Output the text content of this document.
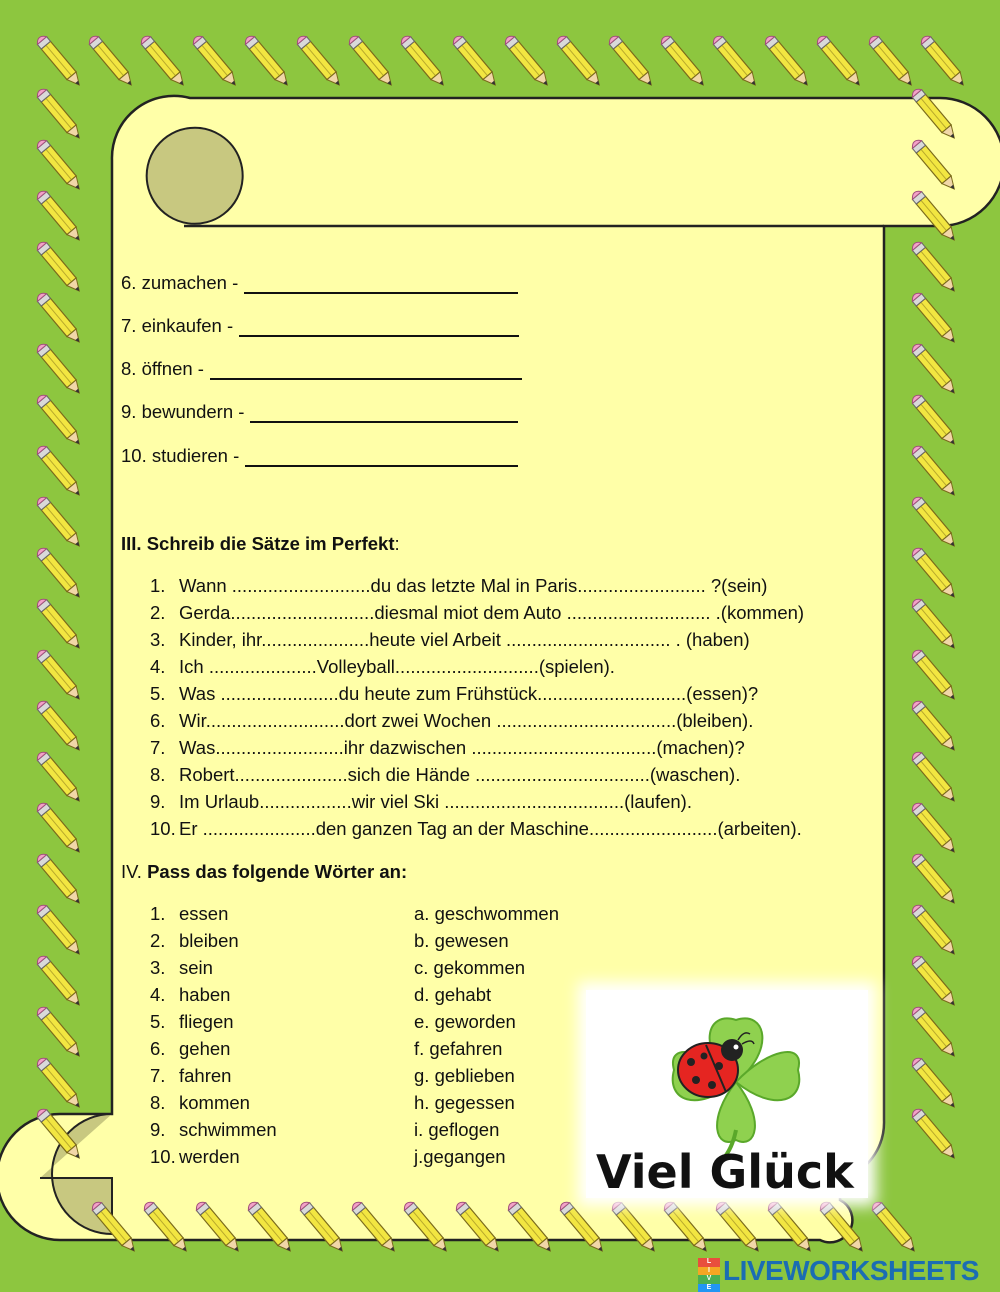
6. zumachen -
7. einkaufen -
8. öffnen -
9. bewundern -
10. studieren -
III. Schreib die Sätze im Perfekt:
1. Wann ...........................du das letzte Mal in Paris......................... ?(sein)
2. Gerda............................diesmal miot dem Auto ............................ .(kommen)
3. Kinder, ihr.....................heute viel Arbeit ................................ . (haben)
4. Ich .....................Volleyball............................(spielen).
5. Was .......................du heute zum Frühstück.............................(essen)?
6. Wir...........................dort zwei Wochen ...................................(bleiben).
7. Was.........................ihr dazwischen ....................................(machen)?
8. Robert......................sich die Hände ..................................(waschen).
9. Im Urlaub..................wir viel Ski ...................................(laufen).
10. Er ......................den ganzen Tag an der Maschine.........................(arbeiten).
IV. Pass das folgende Wörter an:
1. essen
2. bleiben
3. sein
4. haben
5. fliegen
6. gehen
7. fahren
8. kommen
9. schwimmen
10. werden
a. geschwommen
b. gewesen
c. gekommen
d. gehabt
e. geworden
f. gefahren
g. geblieben
h. gegessen
i. geflogen
j.gegangen	Viel Glück
L
I
V
E
LIVEWORKSHEETS
